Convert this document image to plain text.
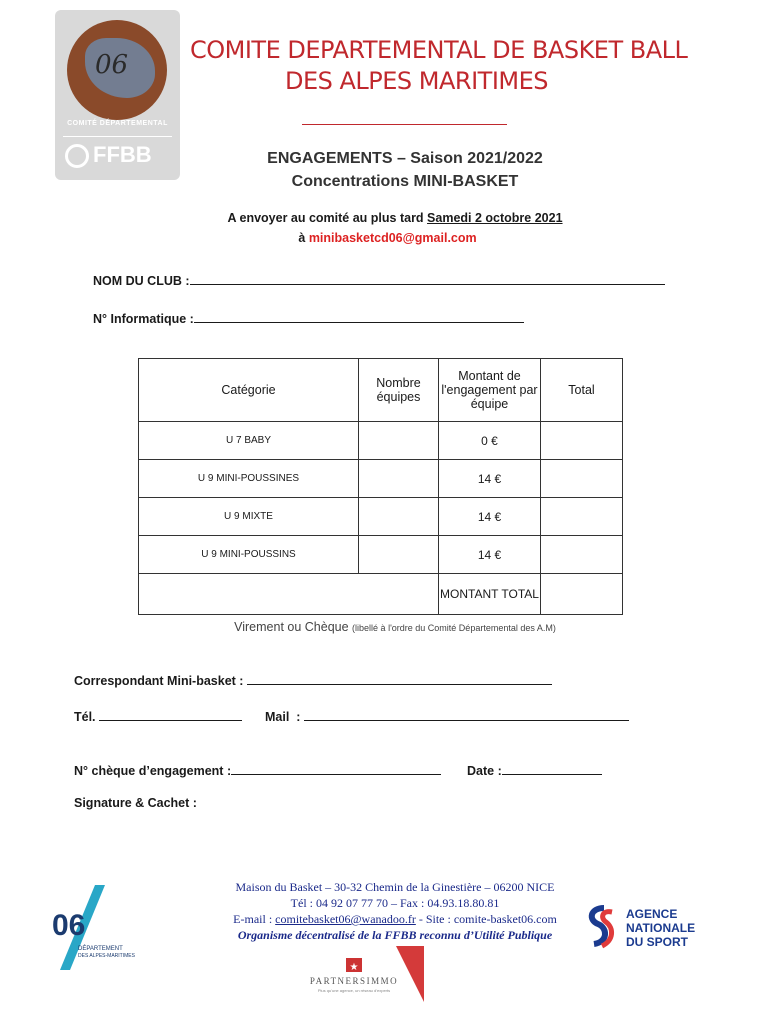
06
COMITÉ DÉPARTEMENTAL
FFBB
COMITE DEPARTEMENTAL DE BASKET BALL
DES ALPES MARITIMES
ENGAGEMENTS – Saison 2021/2022
Concentrations MINI-BASKET
A envoyer au comité au plus tard Samedi 2 octobre 2021
à minibasketcd06@gmail.com
NOM DU CLUB :
N° Informatique :
Catégorie	Nombre équipes	Montant de l'engagement par équipe	Total
U 7 BABY		0 €	
U 9 MINI-POUSSINES		14 €	
U 9 MIXTE		14 €	
U 9 MINI-POUSSINS		14 €	
		MONTANT TOTAL	
Virement ou Chèque (libellé à l'ordre du Comité Départemental des A.M)
Correspondant Mini-basket :
Tél.	Mail  :
N° chèque d’engagement :	Date :
Signature & Cachet :
Maison du Basket – 30-32 Chemin de la Ginestière – 06200 NICE
Tél : 04 92 07 77 70 – Fax : 04.93.18.80.81
E-mail : comitebasket06@wanadoo.fr - Site : comite-basket06.com
Organisme décentralisé de la FFBB reconnu d’Utilité Publique
06
DÉPARTEMENT
DES ALPES-MARITIMES
AGENCE
NATIONALE
DU SPORT
★
PARTNERSIMMO
Plus qu'une agence, un réseau d'experts
